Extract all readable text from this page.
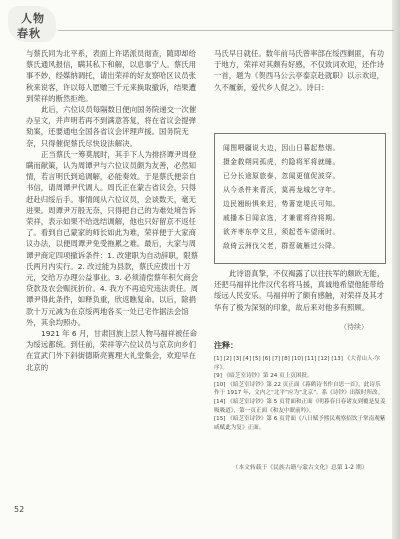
人物
春秋

与蔡氏同为北平系，表面上许诺派员彻查，随即却给蔡氏通风报信，瞒其私下和解，以息事宁人。蔡氏用事不妙，经媒纳调托，请出荣祥的好友察哈区议员张秋来说客，许以每人愿赠三千元来换取撤诉，结果遭到荣祥的断然拒绝。

此后，六位议员每隔数日便向国务院递交一次催办呈文，并声明若再不到满意答复，将在省议会提弹劾案，还要通电全国各省议会评理声援。国务院无奈，只得催促蔡氏尽快设法解决。

正当蔡氏一筹莫展时，其手下人为排挤谭尹周登瞒而献策，认为周谭尹与六位议员颇为友善，必然知情，若言明氏到追调解，必能奏效。于是蔡氏便亲自书信，请周谭尹代调人。周氏正在蒙古省议会，只得赶赴归绥后手。事情闻从六位议员，会谈数天，毫无进果。周谭尹万般无奈，只得把自己的为难处境告诉荣祥，表示如果不给选结调解，他也只好留京不返任了。看到自己蒙家的师长如此为难，荣祥便于大家商议办法，以便周谭尹免受拖累之难。最后，大家与周谭尹商定四项撤诉条件：1. 改建职为自动辞职，限蔡氏两月内实行。2. 改过能为县款，蔡氏应拨出十万元，交给万办理公益事业。3. 必须清偿蔡年积欠商会贷款及农会赈抚折价。4. 我方不再追究违法责任。周谭尹得此条件，如释负重，欣返瞧复命。以后，除捐款十万元减为在京绥两地各买一处已宅作据法会馆外，其余均照办。

1921 年 6 月，甘肃回族上层人物马福祥被任命为绥远都统。到任前，荣祥等六位议员与京京向乡们在宣武门外下斜街德斯亮赛理大礼堂集会，欢迎早在北京的

马氏早日就任。数年前马氏曾率部在绥西剿匪，有功于地方，荣祥对其颇有好感，不仅致词欢迎，还作诗一首，题为《贺西马公云亭泰京赴就职》以示欢迎，久不履新，爱代乡人促之》。诗曰：

闻图喂疆说大边，因山日暮起愁烟。
摄金救朔同孤虎，约隐将军将就睡。
已分长途原旅泰，忽闻更值促波穿。
从今杀件来青沃，莫再龙城乞守年。
边民翘盼惧来迟，势著宽堤氏可知。
戚播本日闻京选，才兼霍将待将期。
欲齐枣东亭文旦，须起苍车望雨时。
敌倚云洲伐父老，群惹破雁过公降。

此诗语真挚，不仅褐露了以往扶军的颇欧无能，还把马福祥比作汉代名将马援，真诚地希望他能带给绥远人民安乐。马福祥听了颇有感触，对荣祥及其才华有了极为深刻的印象，故后来对他多有照顾。

（待续）
注释：
[1] [2] [3] [4] [5] [6] [7] [8] [10] [11] [12] [13] 《大青山人·尔序》。
[9] 《暗芝室诗钞》第 24 页上页困批。
[10] 《暗芝室诗钞》第 22 页正面《暮鹤诗书作自思一首》，此诗乐作于 1917 年，文内之“北平”应为“北京”。系《诗钞》出版时所改。
[14] 《暗芝室诗钞》第 5 页背面和正面《明暮春日春诸友到覆是复姜吸吸道》，第一页正面《和友中眠前吟》。
[15] 《暗芝室诗钞》第 6 页背面《八日赋予熙民观察招饮于掌南观紫咸赋此为复》正面。
（本文转载于《民族古籍与蒙古文化》总第 1-2 期）
52
